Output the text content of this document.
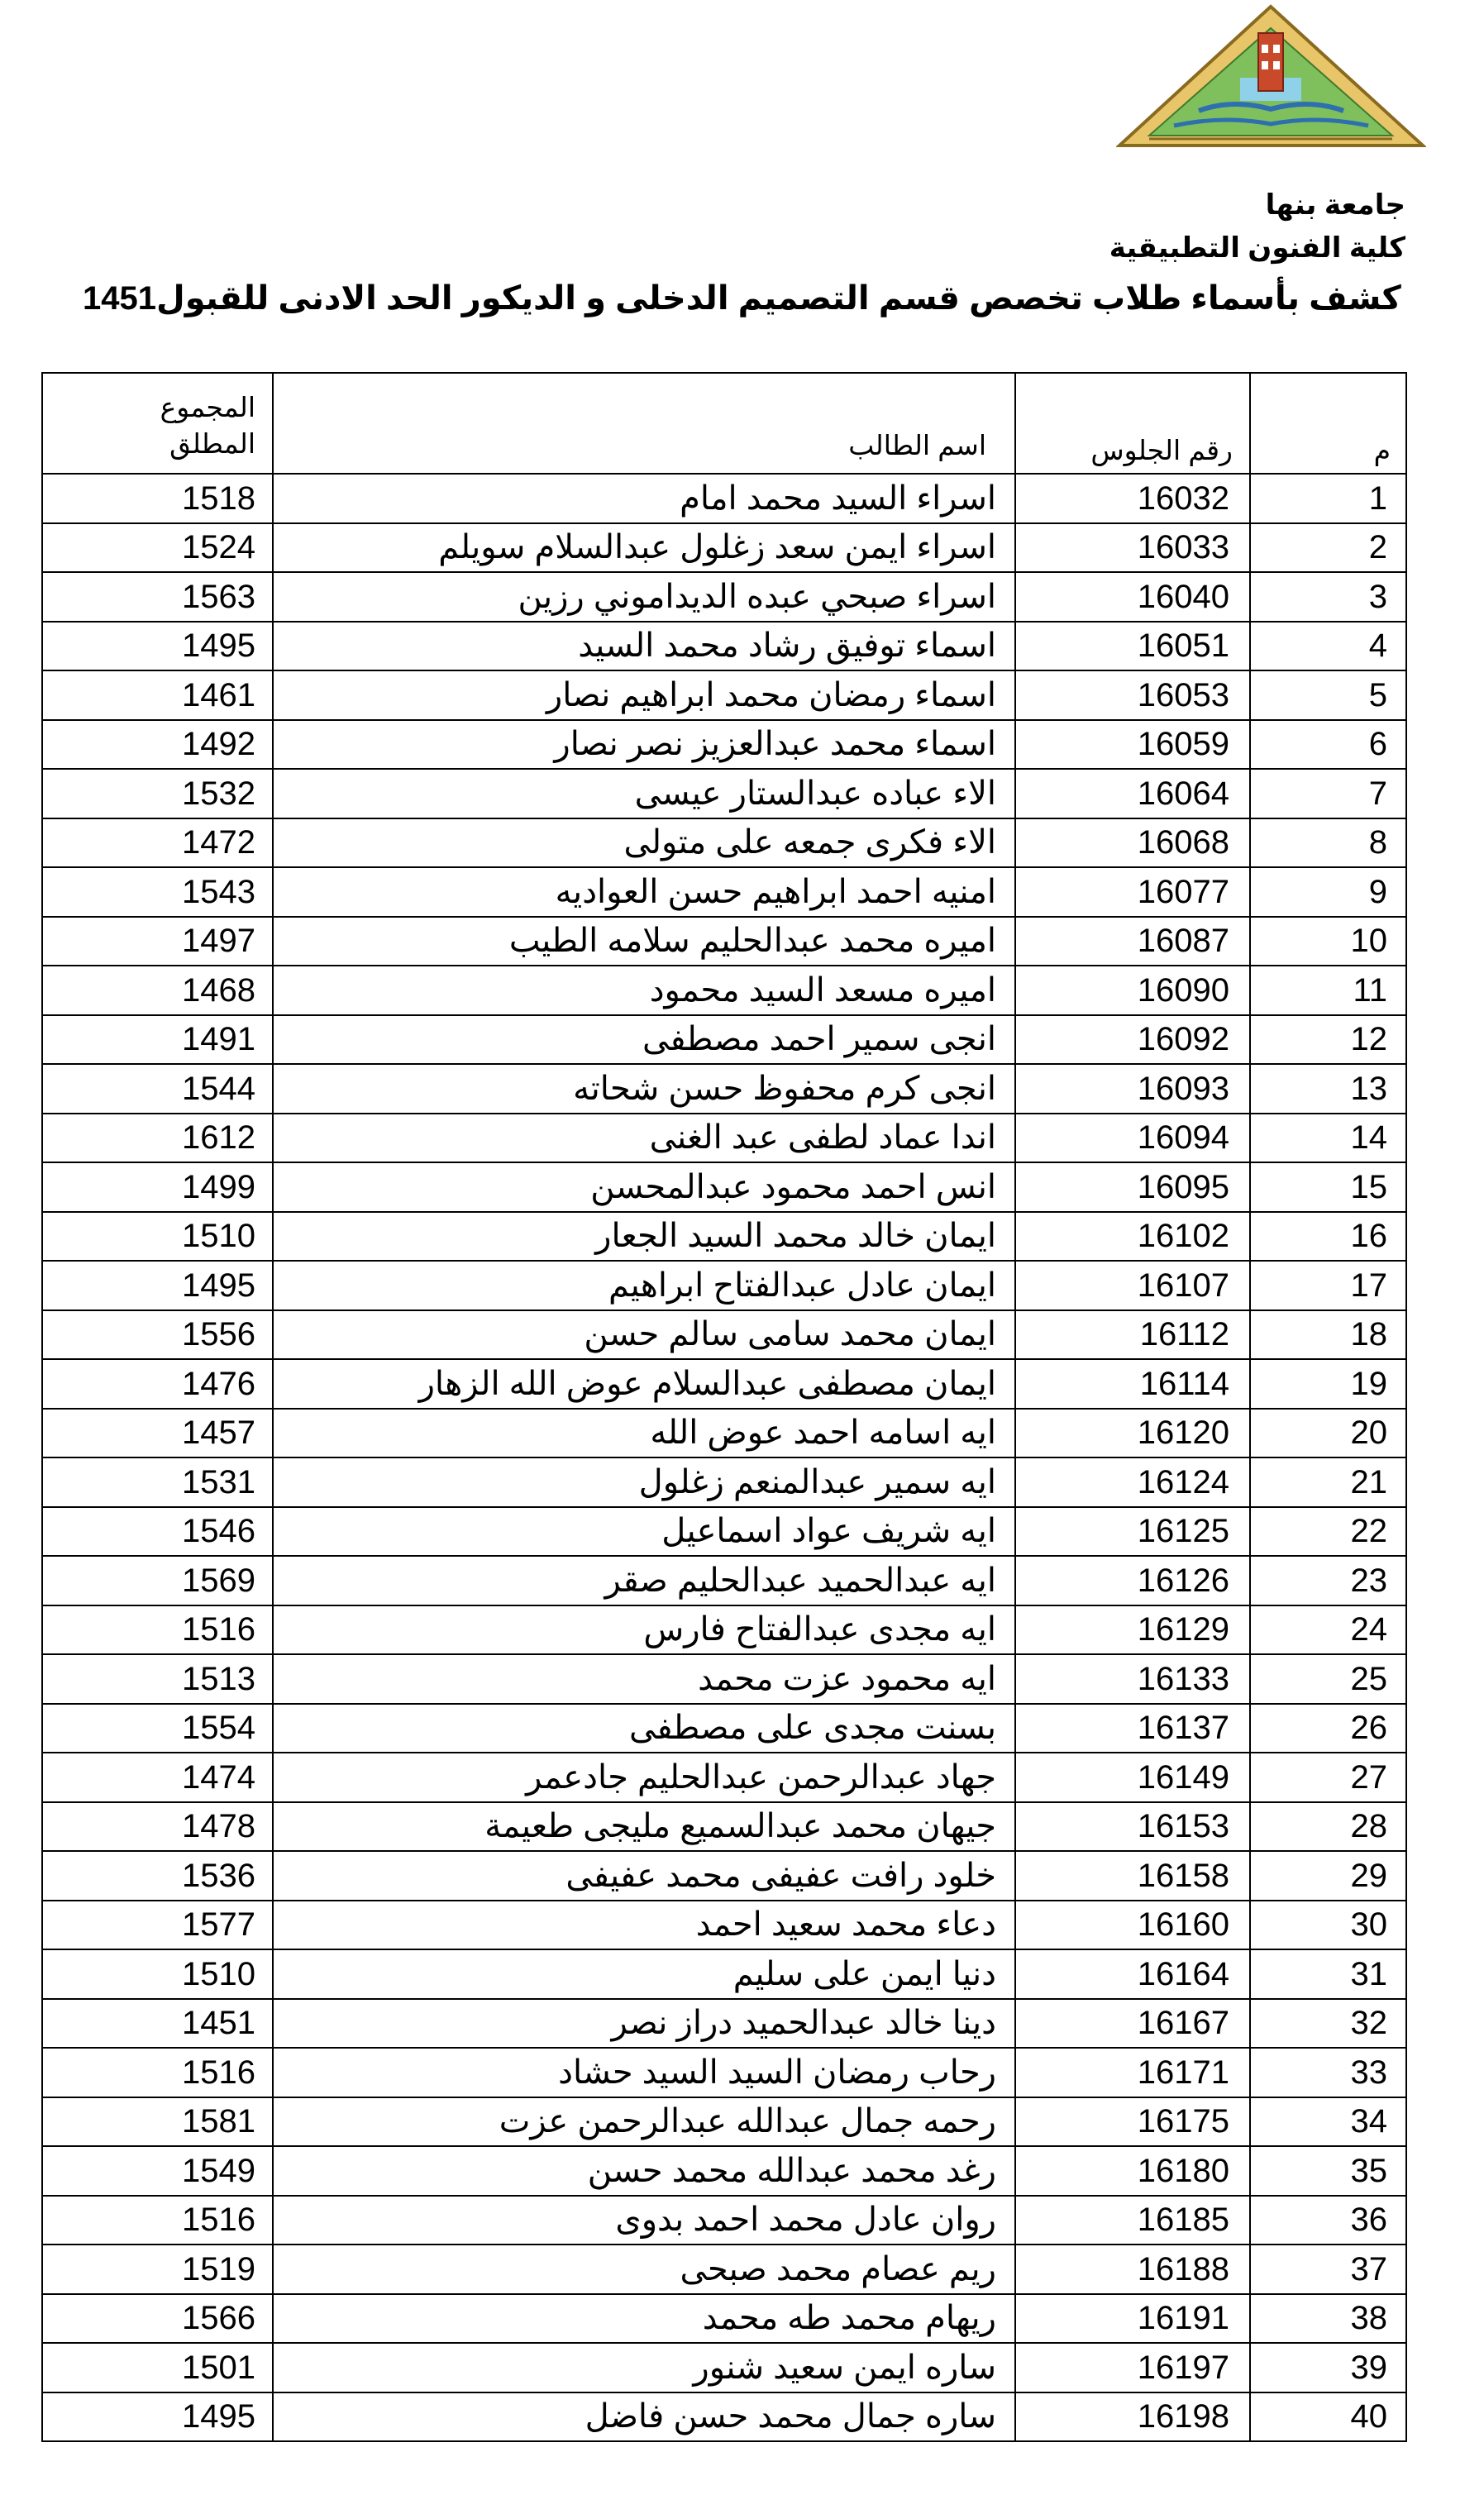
جامعة بنها
كلية الفنون التطبيقية
كشف بأسماء طلاب تخصص قسم التصميم الدخلى و الديكور الحد الادنى للقبول1451
المجموع
المطلق	اسم الطالب	رقم الجلوس	م
1518	اسراء السيد محمد امام	16032	1
1524	اسراء ايمن سعد زغلول عبدالسلام سويلم	16033	2
1563	اسراء صبحي عبده الديداموني رزين	16040	3
1495	اسماء توفيق رشاد محمد السيد	16051	4
1461	اسماء رمضان محمد ابراهيم نصار	16053	5
1492	اسماء محمد عبدالعزيز نصر نصار	16059	6
1532	الاء عباده عبدالستار عيسى	16064	7
1472	الاء فكرى جمعه على متولى	16068	8
1543	امنيه احمد ابراهيم حسن العواديه	16077	9
1497	اميره محمد عبدالحليم سلامه الطيب	16087	10
1468	اميره مسعد السيد محمود	16090	11
1491	انجى سمير احمد مصطفى	16092	12
1544	انجى كرم محفوظ حسن شحاته	16093	13
1612	اندا عماد لطفى عبد الغنى	16094	14
1499	انس احمد محمود عبدالمحسن	16095	15
1510	ايمان خالد محمد السيد الجعار	16102	16
1495	ايمان عادل عبدالفتاح ابراهيم	16107	17
1556	ايمان محمد سامى سالم حسن	16112	18
1476	ايمان مصطفى عبدالسلام عوض الله الزهار	16114	19
1457	ايه اسامه احمد عوض الله	16120	20
1531	ايه سمير عبدالمنعم زغلول	16124	21
1546	ايه شريف عواد اسماعيل	16125	22
1569	ايه عبدالحميد عبدالحليم صقر	16126	23
1516	ايه مجدى عبدالفتاح فارس	16129	24
1513	ايه محمود عزت محمد	16133	25
1554	بسنت مجدى على مصطفى	16137	26
1474	جهاد عبدالرحمن عبدالحليم جادعمر	16149	27
1478	جيهان محمد عبدالسميع مليجى طعيمة	16153	28
1536	خلود رافت عفيفى محمد عفيفى	16158	29
1577	دعاء محمد سعيد احمد	16160	30
1510	دنيا ايمن على سليم	16164	31
1451	دينا خالد عبدالحميد دراز نصر	16167	32
1516	رحاب رمضان السيد السيد حشاد	16171	33
1581	رحمه جمال عبدالله عبدالرحمن عزت	16175	34
1549	رغد محمد عبدالله محمد حسن	16180	35
1516	روان عادل محمد احمد بدوى	16185	36
1519	ريم عصام محمد صبحى	16188	37
1566	ريهام محمد طه محمد	16191	38
1501	ساره ايمن سعيد شنور	16197	39
1495	ساره جمال محمد حسن فاضل	16198	40
